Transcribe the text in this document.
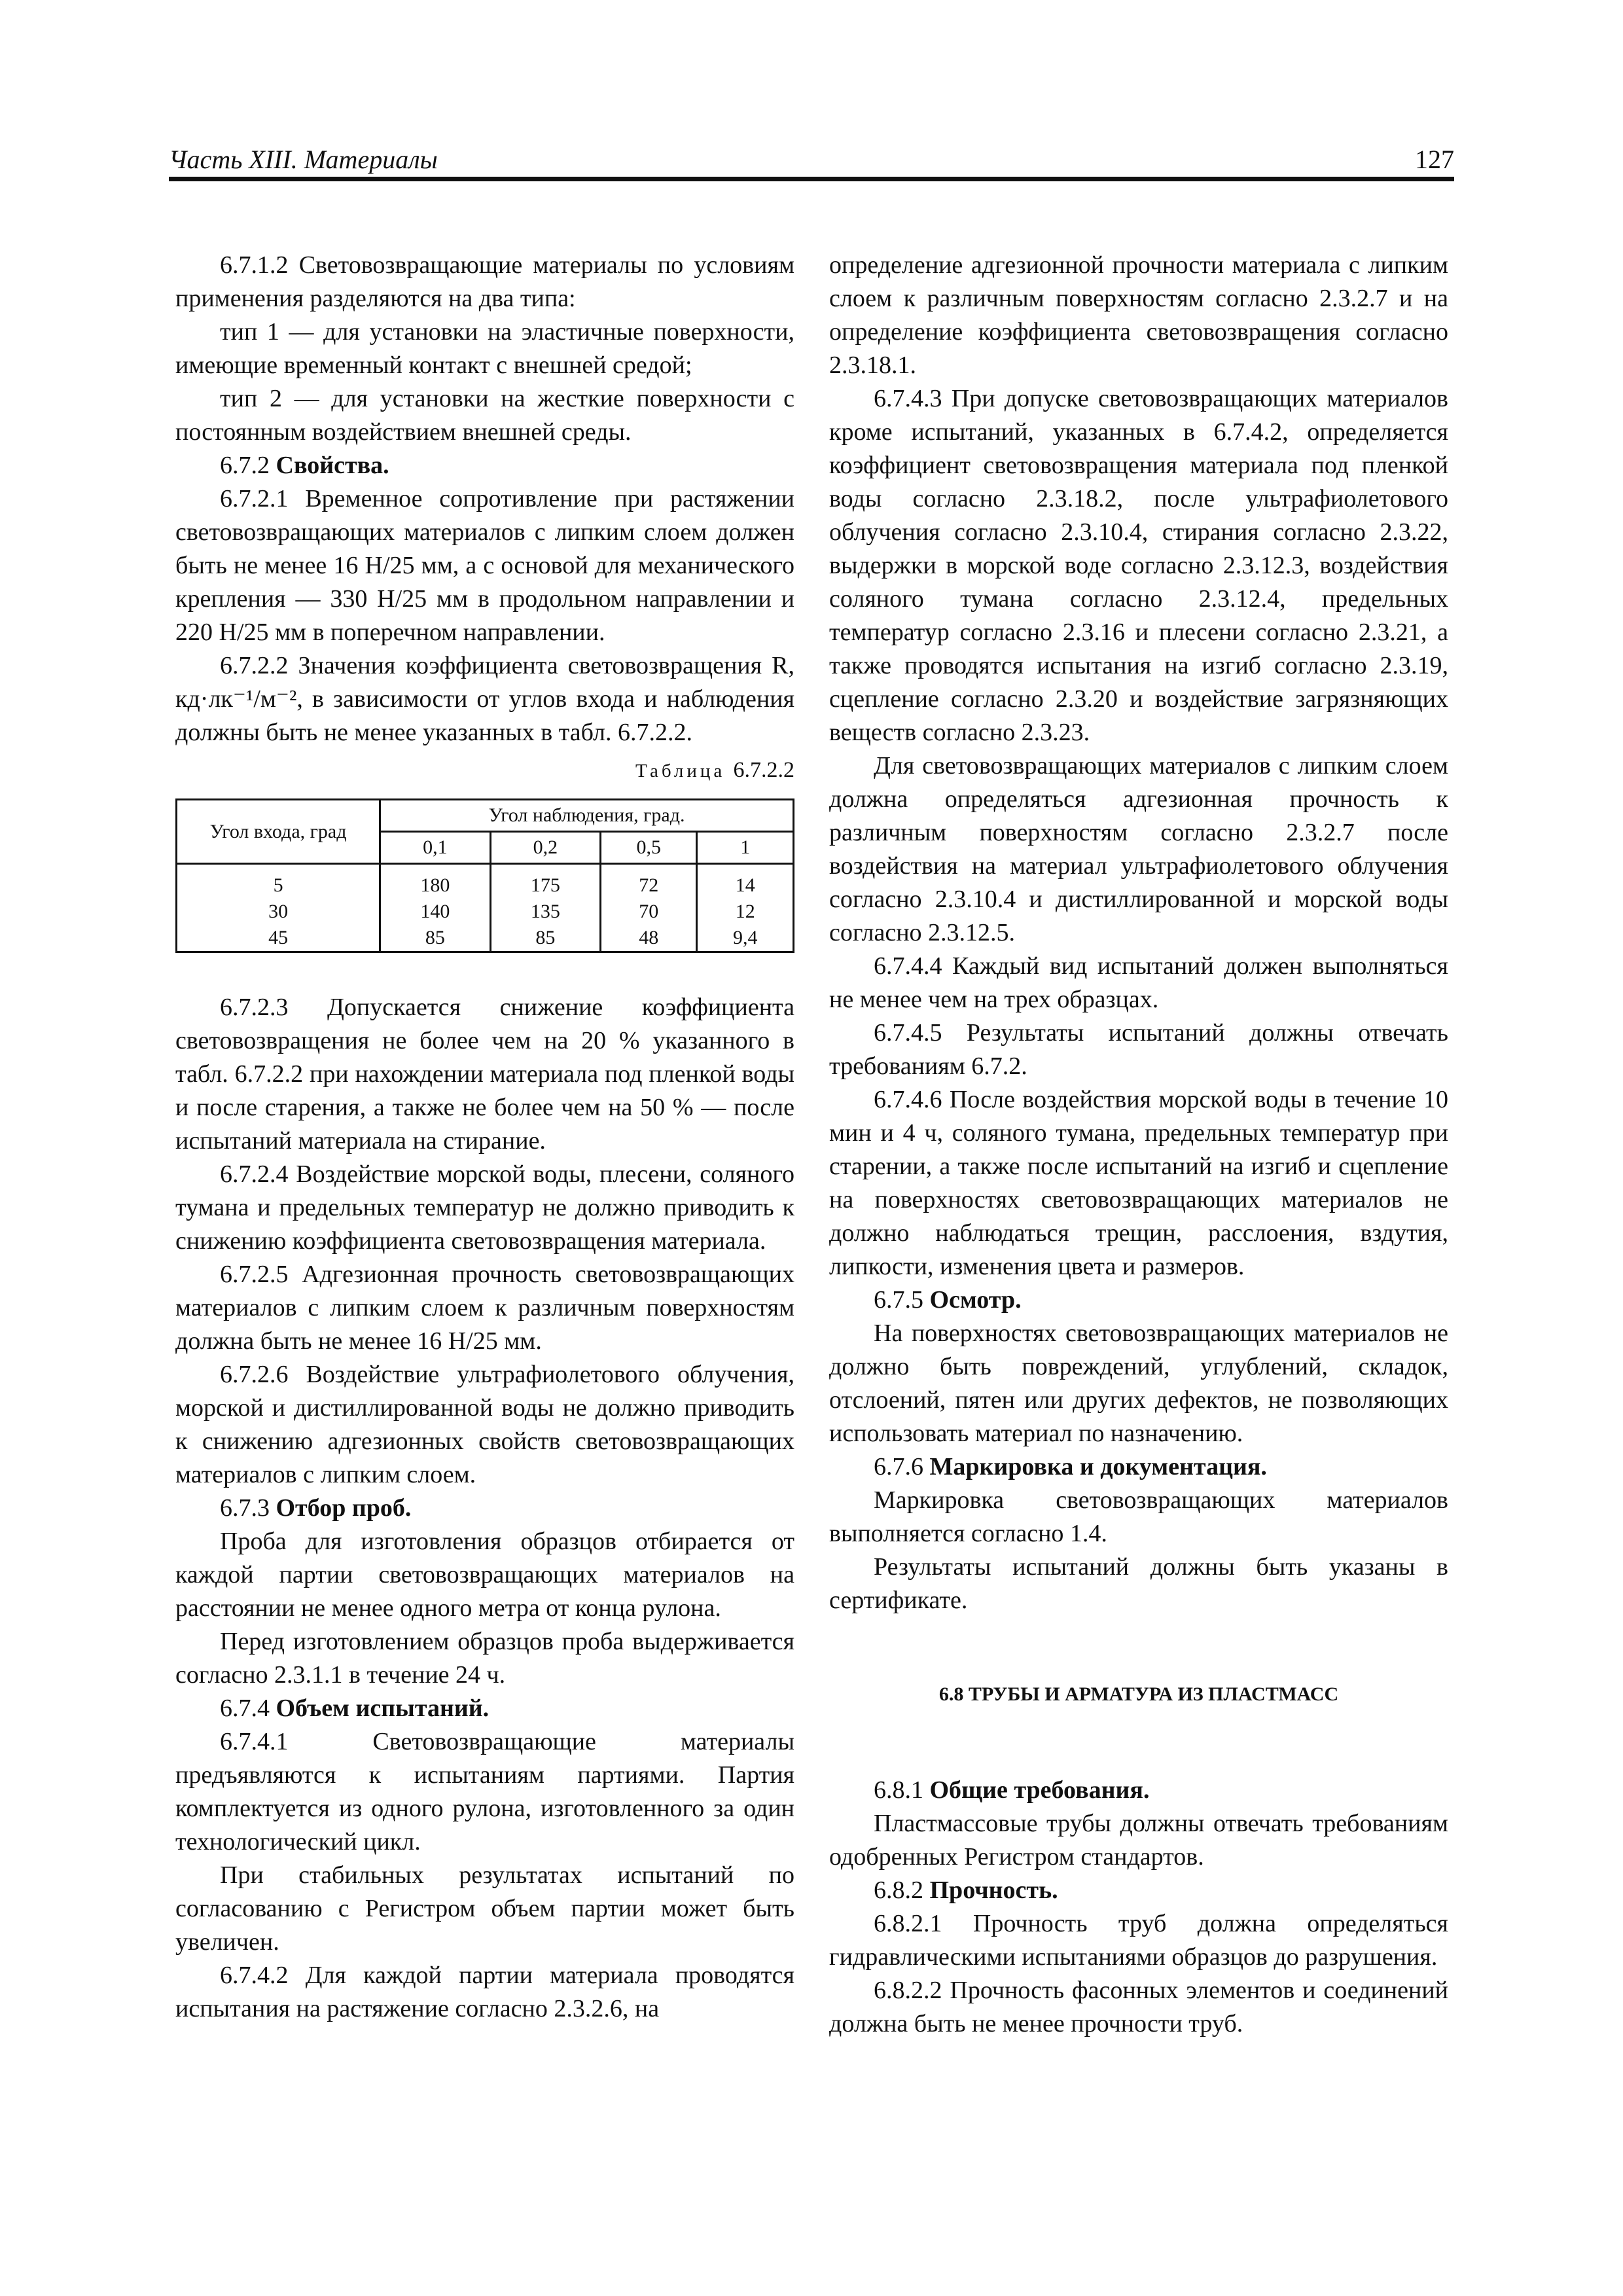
Часть XIII. Материалы	127

6.7.1.2 Световозвращающие материалы по условиям применения разделяются на два типа:

тип 1 — для установки на эластичные поверхности, имеющие временный контакт с внешней средой;

тип 2 — для установки на жесткие поверхности с постоянным воздействием внешней среды.

6.7.2 Свойства.

6.7.2.1 Временное сопротивление при растяжении световозвращающих материалов с липким слоем должен быть не менее 16 Н/25 мм, а с основой для механического крепления — 330 Н/25 мм в продольном направлении и 220 Н/25 мм в поперечном направлении.

6.7.2.2 Значения коэффициента световозвращения R, кд·лк⁻¹/м⁻², в зависимости от углов входа и наблюдения должны быть не менее указанных в табл. 6.7.2.2.

Таблица 6.7.2.2
Угол входа, град	Угол наблюдения, град.			
	0,1	0,2	0,5	1
5	180	175	72	14
30	140	135	70	12
45	85	85	48	9,4

6.7.2.3 Допускается снижение коэффициента световозвращения не более чем на 20 % указанного в табл. 6.7.2.2 при нахождении материала под пленкой воды и после старения, а также не более чем на 50 % — после испытаний материала на стирание.

6.7.2.4 Воздействие морской воды, плесени, соляного тумана и предельных температур не должно приводить к снижению коэффициента световозвращения материала.

6.7.2.5 Адгезионная прочность световозвращающих материалов с липким слоем к различным поверхностям должна быть не менее 16 Н/25 мм.

6.7.2.6 Воздействие ультрафиолетового облучения, морской и дистиллированной воды не должно приводить к снижению адгезионных свойств световозвращающих материалов с липким слоем.

6.7.3 Отбор проб.

Проба для изготовления образцов отбирается от каждой партии световозвращающих материалов на расстоянии не менее одного метра от конца рулона.

Перед изготовлением образцов проба выдерживается согласно 2.3.1.1 в течение 24 ч.

6.7.4 Объем испытаний.

6.7.4.1 Световозвращающие материалы предъявляются к испытаниям партиями. Партия комплектуется из одного рулона, изготовленного за один технологический цикл.

При стабильных результатах испытаний по согласованию с Регистром объем партии может быть увеличен.

6.7.4.2 Для каждой партии материала проводятся испытания на растяжение согласно 2.3.2.6, на

определение адгезионной прочности материала с липким слоем к различным поверхностям согласно 2.3.2.7 и на определение коэффициента световозвращения согласно 2.3.18.1.

6.7.4.3 При допуске световозвращающих материалов кроме испытаний, указанных в 6.7.4.2, определяется коэффициент световозвращения материала под пленкой воды согласно 2.3.18.2, после ультрафиолетового облучения согласно 2.3.10.4, стирания согласно 2.3.22, выдержки в морской воде согласно 2.3.12.3, воздействия соляного тумана согласно 2.3.12.4, предельных температур согласно 2.3.16 и плесени согласно 2.3.21, а также проводятся испытания на изгиб согласно 2.3.19, сцепление согласно 2.3.20 и воздействие загрязняющих веществ согласно 2.3.23.

Для световозвращающих материалов с липким слоем должна определяться адгезионная прочность к различным поверхностям согласно 2.3.2.7 после воздействия на материал ультрафиолетового облучения согласно 2.3.10.4 и дистиллированной и морской воды согласно 2.3.12.5.

6.7.4.4 Каждый вид испытаний должен выполняться не менее чем на трех образцах.

6.7.4.5 Результаты испытаний должны отвечать требованиям 6.7.2.

6.7.4.6 После воздействия морской воды в течение 10 мин и 4 ч, соляного тумана, предельных температур при старении, а также после испытаний на изгиб и сцепление на поверхностях световозвращающих материалов не должно наблюдаться трещин, расслоения, вздутия, липкости, изменения цвета и размеров.

6.7.5 Осмотр.

На поверхностях световозвращающих материалов не должно быть повреждений, углублений, складок, отслоений, пятен или других дефектов, не позволяющих использовать материал по назначению.

6.7.6 Маркировка и документация.

Маркировка световозвращающих материалов выполняется согласно 1.4.

Результаты испытаний должны быть указаны в сертификате.

6.8 ТРУБЫ И АРМАТУРА ИЗ ПЛАСТМАСС

6.8.1 Общие требования.

Пластмассовые трубы должны отвечать требованиям одобренных Регистром стандартов.

6.8.2 Прочность.

6.8.2.1 Прочность труб должна определяться гидравлическими испытаниями образцов до разрушения.

6.8.2.2 Прочность фасонных элементов и соединений должна быть не менее прочности труб.
